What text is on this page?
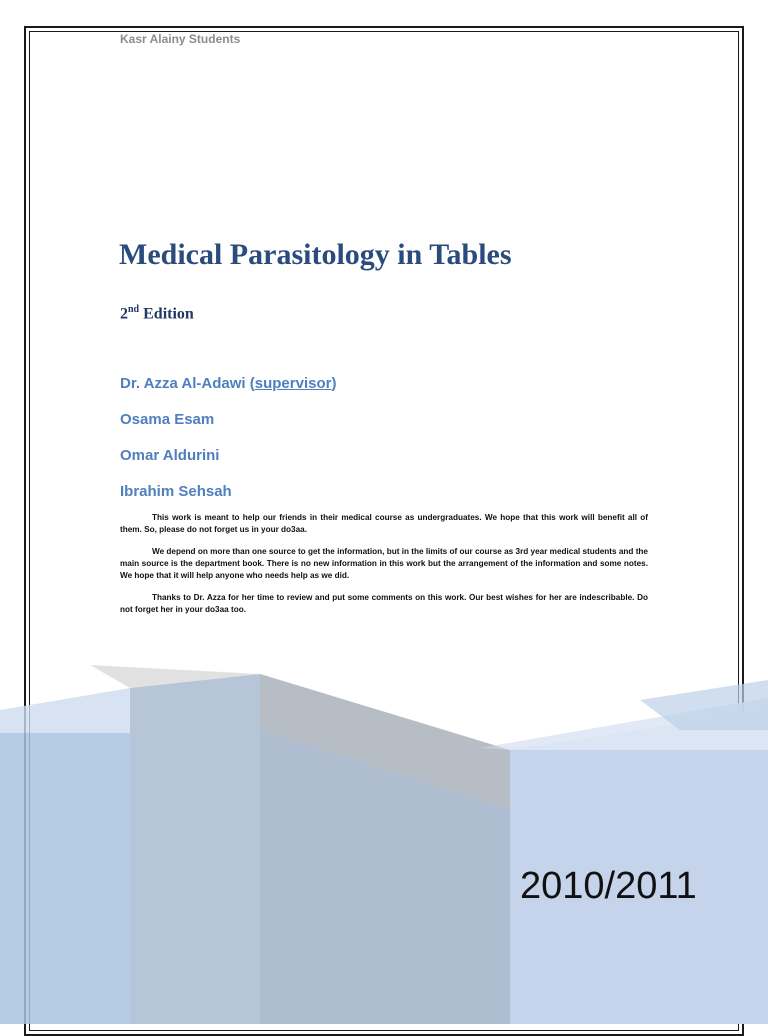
Kasr Alainy Students
Medical Parasitology in Tables
2nd Edition
Dr. Azza Al-Adawi (supervisor)
Osama Esam
Omar Aldurini
Ibrahim Sehsah

This work is meant to help our friends in their medical course as undergraduates. We hope that this work will benefit all of them. So, please do not forget us in your do3aa.

We depend on more than one source to get the information, but in the limits of our course as 3rd year medical students and the main source is the department book. There is no new information in this work but the arrangement of the information and some notes. We hope that it will help anyone who needs help as we did.

Thanks to Dr. Azza for her time to review and put some comments on this work. Our best wishes for her are indescribable. Do not forget her in your do3aa too.

2010/2011
